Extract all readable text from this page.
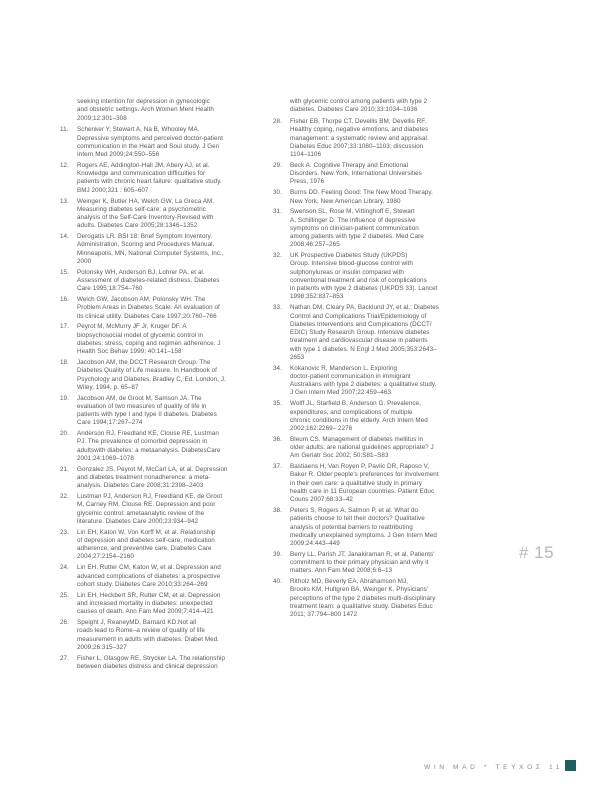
seeking intention for depression in gynecologic
and obstetric settings. Arch Women Ment Health
2009;12:301–308
11.	Schenker Y, Stewart A, Na B, Whooley MA.
Depressive symptoms and perceived doctor-patient
communication in the Heart and Soul study. J Gen
Intern Med 2009;24:550–556
12.	Rogers AE, Addington-Hall JM, Abery AJ, et al.
Knowledge and communication difficulties for
patients with chronic heart failure: qualitative study.
BMJ 2000;321 : 605–607
13.	Weinger K, Butler HA, Welch GW, La Greca AM.
Measuring diabetes self-care: a psychometric
analysis of the Self-Care Inventory-Revised with
adults. Diabetes Care 2005;28:1346–1352
14.	Derogatis LR. BSI 18: Brief Symptom Inventory.
Administration, Scoring and Procedures Manual.
Minneapolis, MN, National Computer Systems, Inc.,
2000
15.	Polonsky WH, Anderson BJ, Lohrer PA, et al.
Assessment of diabetes-related distress. Diabetes
Care 1995;18:754–760
16.	Welch GW, Jacobson AM, Polonsky WH. The
Problem Areas in Diabetes Scale. An evaluation of
its clinical utility. Diabetes Care 1997;20:760–766
17.	Peyrot M, McMurry JF Jr, Kruger DF. A
biopsychosocial model of glycemic control in
diabetes: stress, coping and regimen adherence. J
Health Soc Behav 1999; 40:141–158
18.	Jacobson AM, the DCCT Research Group. The
Diabetes Quality of Life measure. In Handbook of
Psychology and Diabetes. Bradley C, Ed. London, J.
Wiley, 1994, p. 65–87
19.	Jacobson AM, de Groot M, Samson JA. The
evaluation of two measures of quality of life in
patients with type I and type II diabetes. Diabetes
Care 1994;17:267–274
20.	Anderson RJ, Freedland KE, Clouse RE, Lustman
PJ. The prevalence of comorbid depression in
adultswith diabetes: a metaanalysis. DiabetesCare
2001;24:1069–1078
21.	Gonzalez JS, Peyrot M, McCarl LA, et al. Depression
and diabetes treatment nonadherence: a meta-
analysis. Diabetes Care 2008;31:2398–2403
22.	Lustman PJ, Anderson RJ, Freedland KE, de Groot
M, Carney RM, Clouse RE. Depression and poor
glycemic control: ametaanalytic review of the
literature. Diabetes Care 2000;23:934–942
23.	Lin EH, Katon W, Von Korff M, et al. Relationship
of depression and diabetes self-care, medication
adherence, and preventive care. Diabetes Care
2004;27:2154–2160
24.	Lin EH, Rutter CM, Katon W, et al. Depression and
advanced complications of diabetes: a prospective
cohort study. Diabetes Care 2010;33:264–269
25.	Lin EH, Heckbert SR, Rutter CM, et al. Depression
and increased mortality in diabetes: unexpected
causes of death. Ann Fam Med 2009;7:414–421
26.	Speight J, ReaneyMD, Barnard KD.Not all
roads lead to Rome–a review of quality of life
measurement in adults with diabetes. Diabet Med.
2009;26:315–327
27.	Fisher L, Glasgow RE, Strycker LA. The relationship
between diabetes distress and clinical depression
with glycemic control among patients with type 2
diabetes. Diabetes Care 2010;33:1034–1036
28.	Fisher EB, Thorpe CT, Devellis BM, Devellis RF.
Healthy coping, negative emotions, and diabetes
management: a systematic review and appraisal.
Diabetes Educ 2007;33:1080–1103; discussion
1104–1106
29.	Beck A. Cognitive Therapy and Emotional
Disorders. New York, International Universities
Press, 1976
30.	Burns DD. Feeling Good: The New Mood Therapy.
New York, New American Library, 1980
31.	Swenson SL, Rose M, Vittinghoff E, Stewart
A, Schillinger D. The influence of depressive
symptoms on clinician-patient communication
among patients with type 2 diabetes. Med Care
2008;46:257–265
32.	UK Prospective Diabetes Study (UKPDS)
Group. Intensive blood-glucose control with
sulphonylureas or insulin compared with
conventional treatment and risk of complications
in patients with type 2 diabetes (UKPDS 33). Lancet
1998;352:837–853
33.	Nathan DM, Cleary PA, Backlund JY, et al.; Diabetes
Control and Complications Trial/Epidemiology of
Diabetes Interventions and Complications (DCCT/
EDIC) Study Research Group. Intensive diabetes
treatment and cardiovascular disease in patients
with type 1 diabetes. N Engl J Med 2005;353:2643–
2653
34.	Kokanovic R, Manderson L. Exploring
doctor-patient communication in immigrant
Australians with type 2 diabetes: a qualitative study.
J Gen Intern Med 2007;22:459–463
35.	Wolff JL, Starfield B, Anderson G. Prevalence,
expenditures, and complications of multiple
chronic conditions in the elderly. Arch Intern Med
2002;162:2269– 2276
36.	Bleum CS. Management of diabetes mellitus in
older adults: are national guidelines appropriate? J
Am Geriatr Soc 2002; 50:S81–S83
37.	Bastiaens H, Van Royen P, Pavlic DR, Raposo V,
Baker R. Older people's preferences for involvement
in their own care: a qualitative study in primary
health care in 11 European countries. Patient Educ
Couns 2007;68:33–42
38.	Peters S, Rogers A, Salmon P, et al. What do
patients choose to tell their doctors? Qualitative
analysis of potential barriers to reattributing
medically unexplained symptoms. J Gen Intern Med
2009;24:443–449
39.	Berry LL, Parish JT, Janakiraman R, et al. Patients'
commitment to their primary physician and why it
matters. Ann Fam Med 2008;6:6–13
40.	Ritholz MD, Beverly EA, Abrahamson MJ,
Brooks KM, Hultgren BA, Weinger K. Physicians'
perceptions of the type 2 diabetes multi-disciplinary
treatment team: a qualitative study. Diabetes Educ
2011; 37:794–800 1472
# 15
WIN MAD * ΤΕΥΧΟΣ 11
